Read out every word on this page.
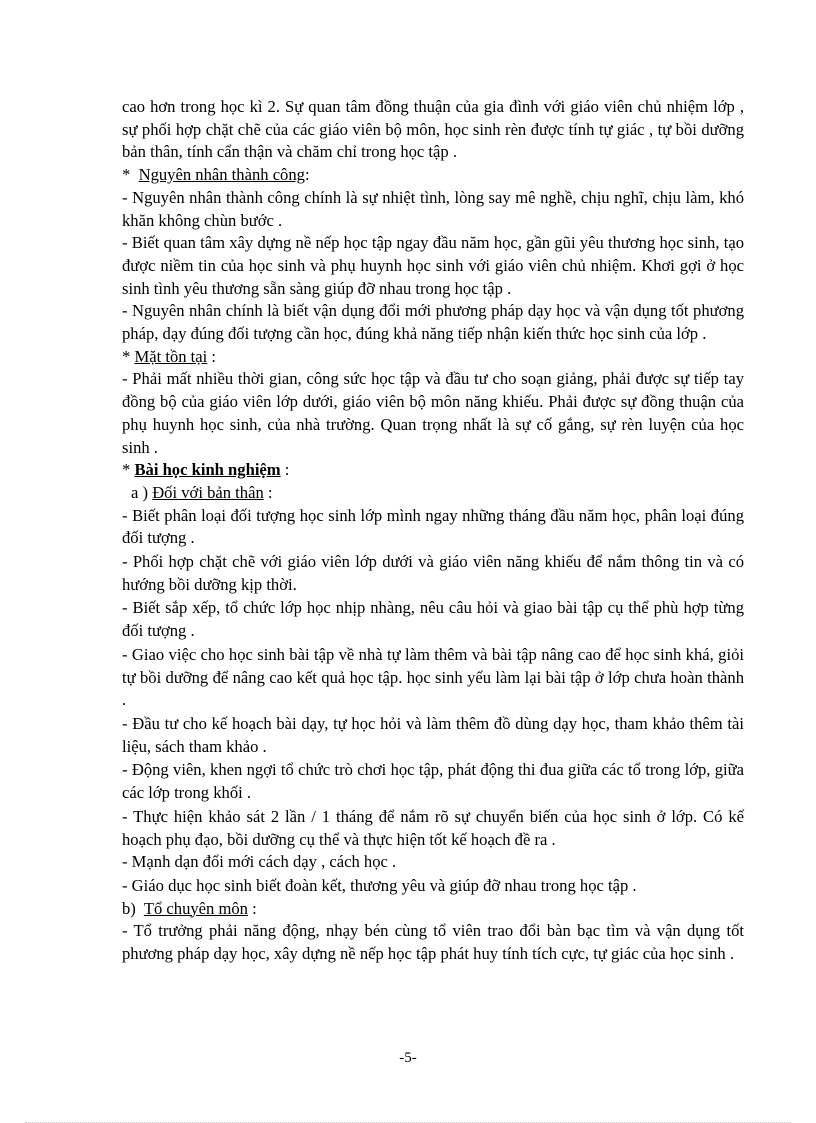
cao hơn trong học kì 2. Sự quan tâm đồng thuận của gia đình với giáo viên chủ nhiệm lớp , sự phối hợp chặt chẽ của các giáo viên bộ môn, học sinh rèn được tính tự giác , tự bồi dưỡng bản thân, tính cẩn thận và chăm chỉ trong học tập .

*  Nguyên nhân thành công:

- Nguyên nhân thành công chính là sự nhiệt tình, lòng say mê nghề, chịu nghĩ, chịu làm, khó khăn không chùn bước .

- Biết quan tâm xây dựng nề nếp học tập ngay đầu năm học, gần gũi yêu thương học sinh, tạo được niềm tin của học sinh và phụ huynh học sinh với giáo viên chủ nhiệm. Khơi gợi ở học sinh tình yêu thương sẵn sàng giúp đỡ nhau trong học tập .

- Nguyên nhân chính là biết vận dụng đổi mới phương pháp dạy học và vận dụng tốt phương pháp, dạy đúng đối tượng cần học, đúng khả năng tiếp nhận kiến thức học sinh của lớp .

* Mặt tồn tại :

- Phải mất nhiều thời gian, công sức học tập và đầu tư cho soạn giảng, phải được sự tiếp tay đồng bộ của giáo viên lớp dưới, giáo viên bộ môn năng khiếu. Phải được sự đồng thuận của phụ huynh học sinh, của nhà trường. Quan trọng nhất là sự cố gắng, sự rèn luyện của học sinh .

* Bài học kinh nghiệm :

a ) Đối với bản thân :

- Biết phân loại đối tượng học sinh lớp mình ngay những tháng đầu năm học, phân loại đúng đối tượng .

- Phối hợp chặt chẽ với giáo viên lớp dưới và giáo viên năng khiếu để nắm thông tin và có hướng bồi dưỡng kịp thời.

- Biết sắp xếp, tổ chức lớp học nhịp nhàng, nêu câu hỏi và giao bài tập cụ thể phù hợp từng đối tượng .

- Giao việc cho học sinh bài tập về nhà tự làm thêm và bài tập nâng cao để học sinh khá, giỏi tự bồi dưỡng để nâng cao kết quả học tập. học sinh yếu làm lại bài tập ở lớp chưa hoàn thành .

- Đầu tư cho kế hoạch bài dạy, tự học hỏi và làm thêm đồ dùng dạy học, tham khảo thêm tài liệu, sách tham khảo .

- Động viên, khen ngợi tổ chức trò chơi học tập, phát động thi đua giữa các tổ trong lớp, giữa các lớp trong khối .

- Thực hiện khảo sát 2 lần / 1 tháng để nắm rõ sự chuyển biến của học sinh ở lớp. Có kế hoạch phụ đạo, bồi dưỡng cụ thể và thực hiện tốt kế hoạch đề ra .

- Mạnh dạn đổi mới cách dạy , cách học .

- Giáo dục học sinh biết đoàn kết, thương yêu và giúp đỡ nhau trong học tập .

b)  Tổ chuyên môn :

- Tổ trưởng phải năng động, nhạy bén cùng tổ viên trao đổi bàn bạc tìm và vận dụng tốt phương pháp dạy học, xây dựng nề nếp học tập phát huy tính tích cực, tự giác của học sinh .

-5-
